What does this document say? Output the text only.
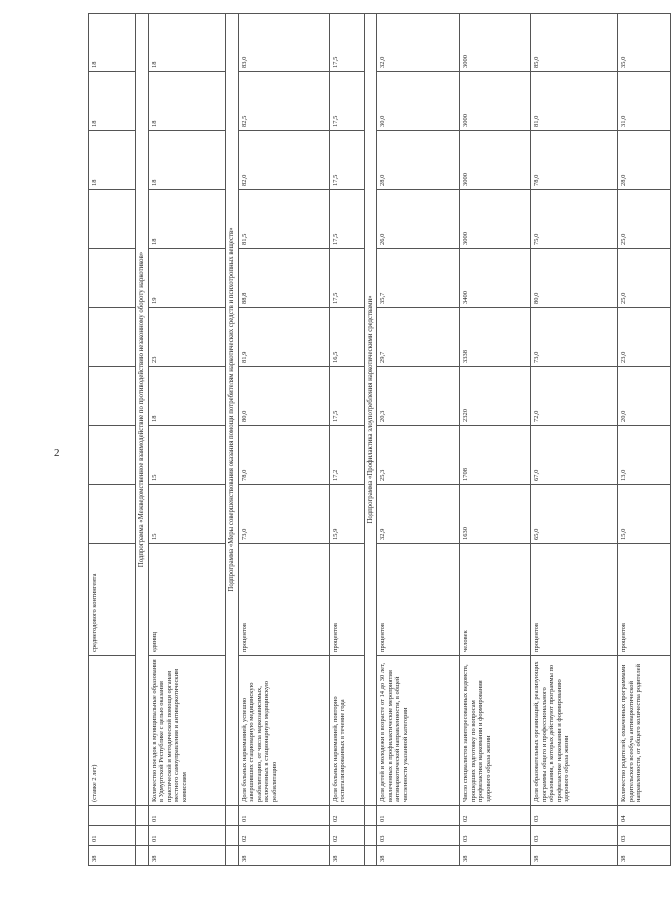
2
38	01		(ставке 2 лет)	среднегодового контингента							18	18	18
			Подпрограмма «Межведомственное взаимодействие по противодействию незаконному обороту наркотиков»										
38	01	01	Количество поездок в муниципальные образования в Удмуртской Республике с целью оказания практической и методической помощи органам местного самоуправления и антинаркотическим комиссиям	единиц	15	15	18	23	19	18	18	18	18
			Подпрограмма «Меры совершенствования оказания помощи потребителям наркотических средств и психотропных веществ»										
38	02	01	Доля больных наркоманией, успешно завершивших стационарную медицинскую реабилитацию, от числа наркозависимых, включенных в стационарную медицинскую реабилитацию	процентов	73,0	78,0	80,0	81,9	88,8	81,5	82,0	82,5	83,0
38	02	02	Доля больных наркоманией, повторно госпитализированных в течение года	процентов	15,9	17,2	17,5	16,5	17,5	17,5	17,5	17,5	17,5
			Подпрограмма «Профилактика злоупотребления наркотическими средствами»										
38	03	01	Доля детей и молодежи в возрасте от 14 до 30 лет, вовлеченных в профилактические мероприятия антинаркотической направленности, в общей численности указанной категории	процентов	32,9	25,3	20,3	29,7	35,7	26,0	28,0	30,0	32,0
38	03	02	Число специалистов заинтересованных ведомств, прошедших подготовку по вопросам профилактики наркомании и формирования здорового образа жизни	человек	1630	1708	2320	3338	3400	3000	3000	3000	3000
38	03	03	Доля образовательных организаций, реализующих программы общего и профессионального образования, в которых действуют программы по профилактике наркомании и формированию здорового образа жизни	процентов	65,0	67,0	72,0	73,0	80,0	75,0	78,0	81,0	85,0
38	03	04	Количество родителей, охваченных программами родительского всеобуча антинаркотической направленности, от общего количества родителей	процентов	15,0	13,0	20,0	23,0	25,0	25,0	28,0	31,0	35,0
